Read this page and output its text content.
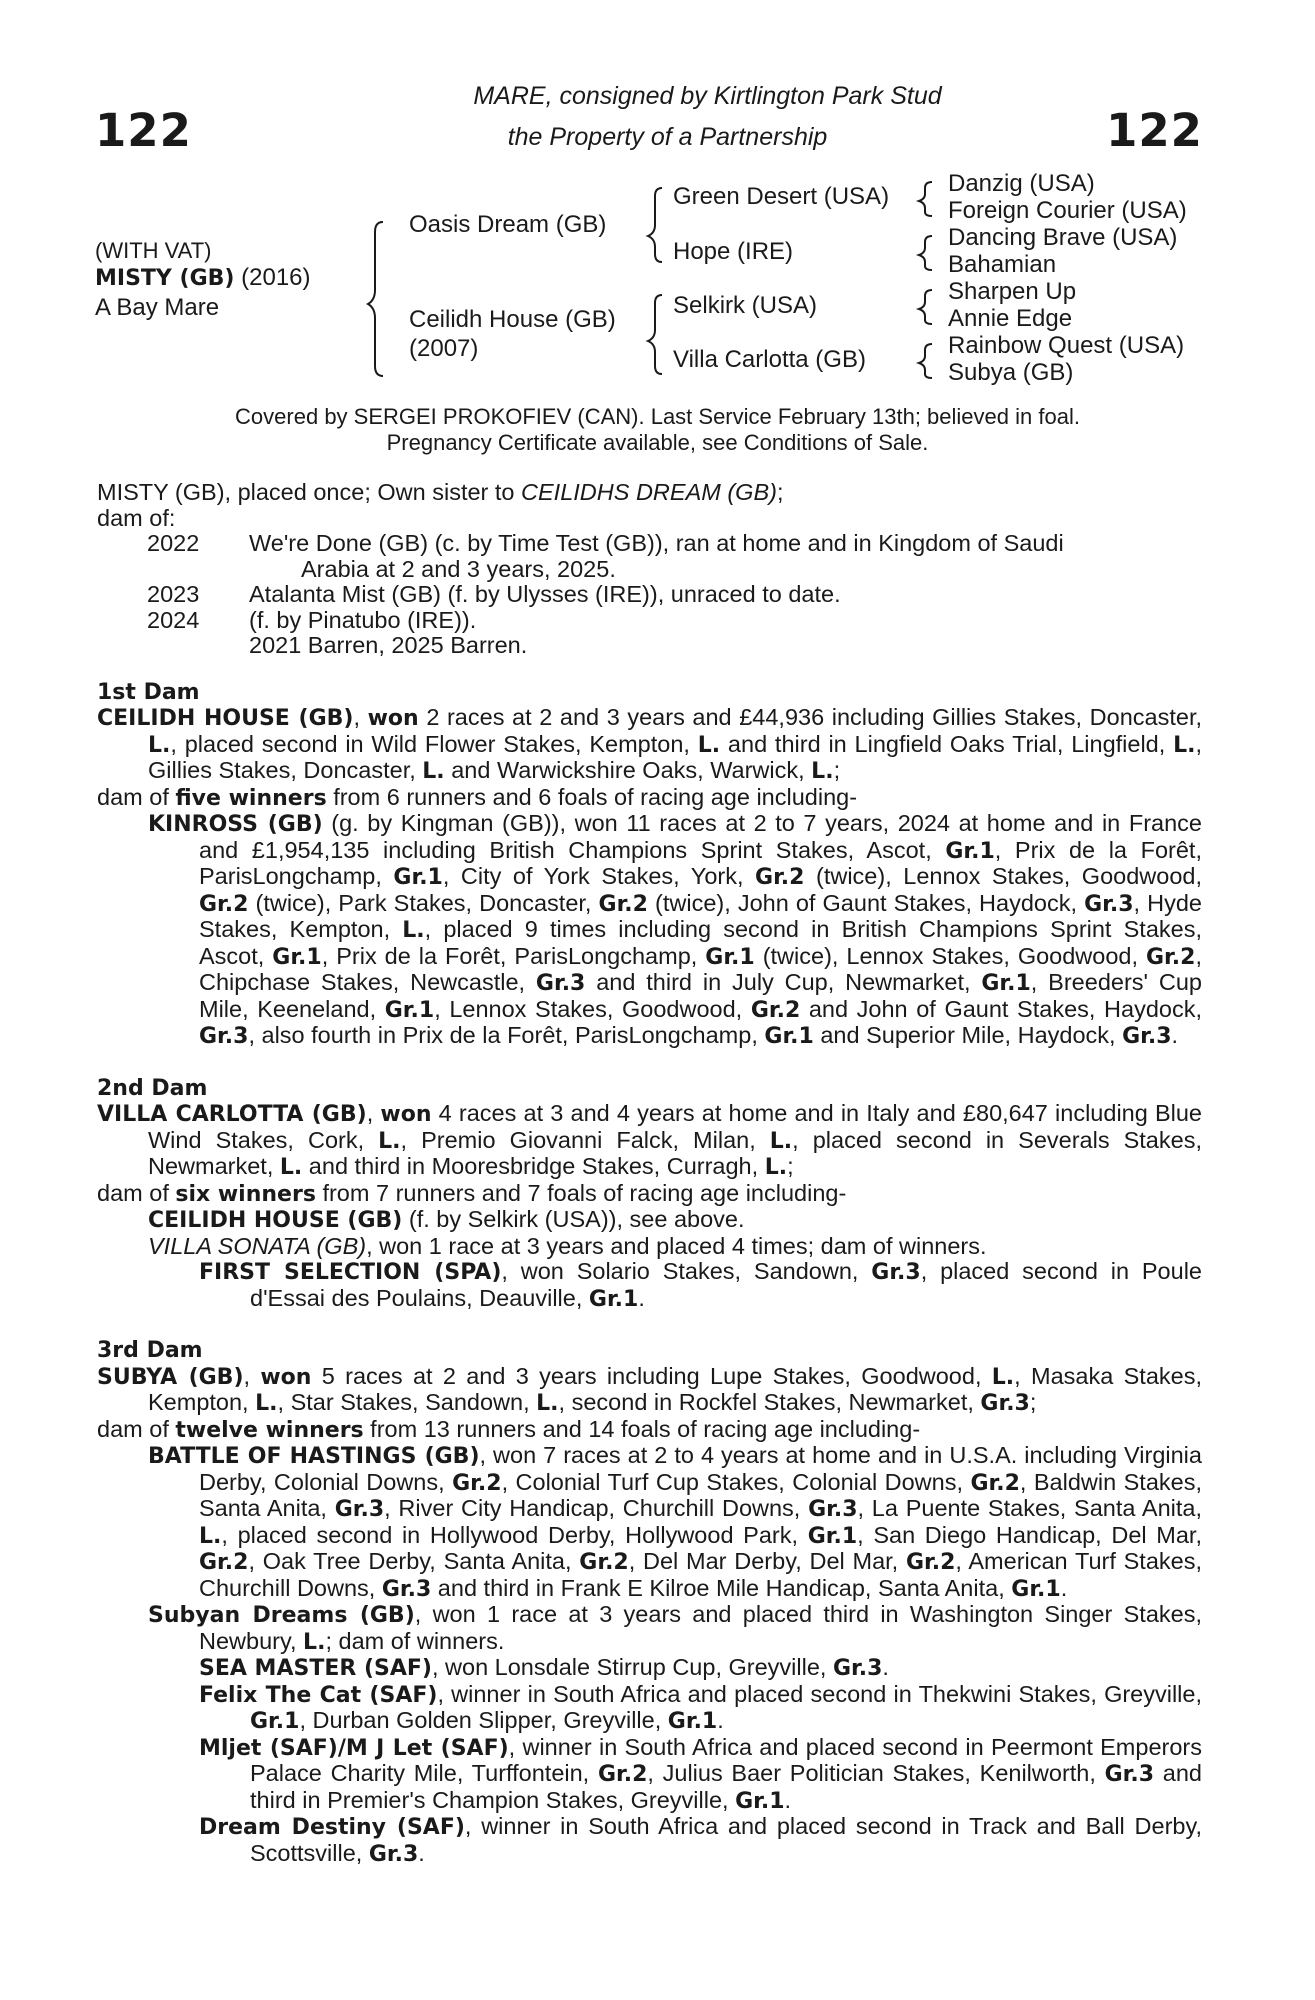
122	122
MARE, consigned by Kirtlington Park Stud
the Property of a Partnership
(WITH VAT)
MISTY (GB) (2016)
A Bay Mare
Oasis Dream (GB)
Ceilidh House (GB)
(2007)
Green Desert (USA)
Hope (IRE)
Selkirk (USA)
Villa Carlotta (GB)
Danzig (USA)
Foreign Courier (USA)
Dancing Brave (USA)
Bahamian
Sharpen Up
Annie Edge
Rainbow Quest (USA)
Subya (GB)
Covered by SERGEI PROKOFIEV (CAN). Last Service February 13th; believed in foal.
Pregnancy Certificate available, see Conditions of Sale.

MISTY (GB), placed once; Own sister to CEILIDHS DREAM (GB);

dam of:

2022 We're Done (GB) (c. by Time Test (GB)), ran at home and in Kingdom of Saudi
Arabia at 2 and 3 years, 2025.
2023 Atalanta Mist (GB) (f. by Ulysses (IRE)), unraced to date.
2024 (f. by Pinatubo (IRE)).
2021 Barren, 2025 Barren.

1st Dam

CEILIDH HOUSE (GB), won 2 races at 2 and 3 years and £44,936 including Gillies Stakes, Doncaster, L., placed second in Wild Flower Stakes, Kempton, L. and third in Lingfield Oaks Trial, Lingfield, L., Gillies Stakes, Doncaster, L. and Warwickshire Oaks, Warwick, L.;

dam of five winners from 6 runners and 6 foals of racing age including-

KINROSS (GB) (g. by Kingman (GB)), won 11 races at 2 to 7 years, 2024 at home and in France and £1,954,135 including British Champions Sprint Stakes, Ascot, Gr.1, Prix de la Forêt, ParisLongchamp, Gr.1, City of York Stakes, York, Gr.2 (twice), Lennox Stakes, Goodwood, Gr.2 (twice), Park Stakes, Doncaster, Gr.2 (twice), John of Gaunt Stakes, Haydock, Gr.3, Hyde Stakes, Kempton, L., placed 9 times including second in British Champions Sprint Stakes, Ascot, Gr.1, Prix de la Forêt, ParisLongchamp, Gr.1 (twice), Lennox Stakes, Goodwood, Gr.2, Chipchase Stakes, Newcastle, Gr.3 and third in July Cup, Newmarket, Gr.1, Breeders' Cup Mile, Keeneland, Gr.1, Lennox Stakes, Goodwood, Gr.2 and John of Gaunt Stakes, Haydock, Gr.3, also fourth in Prix de la Forêt, ParisLongchamp, Gr.1 and Superior Mile, Haydock, Gr.3.

2nd Dam

VILLA CARLOTTA (GB), won 4 races at 3 and 4 years at home and in Italy and £80,647 including Blue Wind Stakes, Cork, L., Premio Giovanni Falck, Milan, L., placed second in Severals Stakes, Newmarket, L. and third in Mooresbridge Stakes, Curragh, L.;

dam of six winners from 7 runners and 7 foals of racing age including-

CEILIDH HOUSE (GB) (f. by Selkirk (USA)), see above.

VILLA SONATA (GB), won 1 race at 3 years and placed 4 times; dam of winners.

FIRST SELECTION (SPA), won Solario Stakes, Sandown, Gr.3, placed second in Poule d'Essai des Poulains, Deauville, Gr.1.

3rd Dam

SUBYA (GB), won 5 races at 2 and 3 years including Lupe Stakes, Goodwood, L., Masaka Stakes, Kempton, L., Star Stakes, Sandown, L., second in Rockfel Stakes, Newmarket, Gr.3;

dam of twelve winners from 13 runners and 14 foals of racing age including-

BATTLE OF HASTINGS (GB), won 7 races at 2 to 4 years at home and in U.S.A. including Virginia Derby, Colonial Downs, Gr.2, Colonial Turf Cup Stakes, Colonial Downs, Gr.2, Baldwin Stakes, Santa Anita, Gr.3, River City Handicap, Churchill Downs, Gr.3, La Puente Stakes, Santa Anita, L., placed second in Hollywood Derby, Hollywood Park, Gr.1, San Diego Handicap, Del Mar, Gr.2, Oak Tree Derby, Santa Anita, Gr.2, Del Mar Derby, Del Mar, Gr.2, American Turf Stakes, Churchill Downs, Gr.3 and third in Frank E Kilroe Mile Handicap, Santa Anita, Gr.1.

Subyan Dreams (GB), won 1 race at 3 years and placed third in Washington Singer Stakes, Newbury, L.; dam of winners.

SEA MASTER (SAF), won Lonsdale Stirrup Cup, Greyville, Gr.3.

Felix The Cat (SAF), winner in South Africa and placed second in Thekwini Stakes, Greyville, Gr.1, Durban Golden Slipper, Greyville, Gr.1.

Mljet (SAF)/M J Let (SAF), winner in South Africa and placed second in Peermont Emperors Palace Charity Mile, Turffontein, Gr.2, Julius Baer Politician Stakes, Kenilworth, Gr.3 and third in Premier's Champion Stakes, Greyville, Gr.1.

Dream Destiny (SAF), winner in South Africa and placed second in Track and Ball Derby, Scottsville, Gr.3.
